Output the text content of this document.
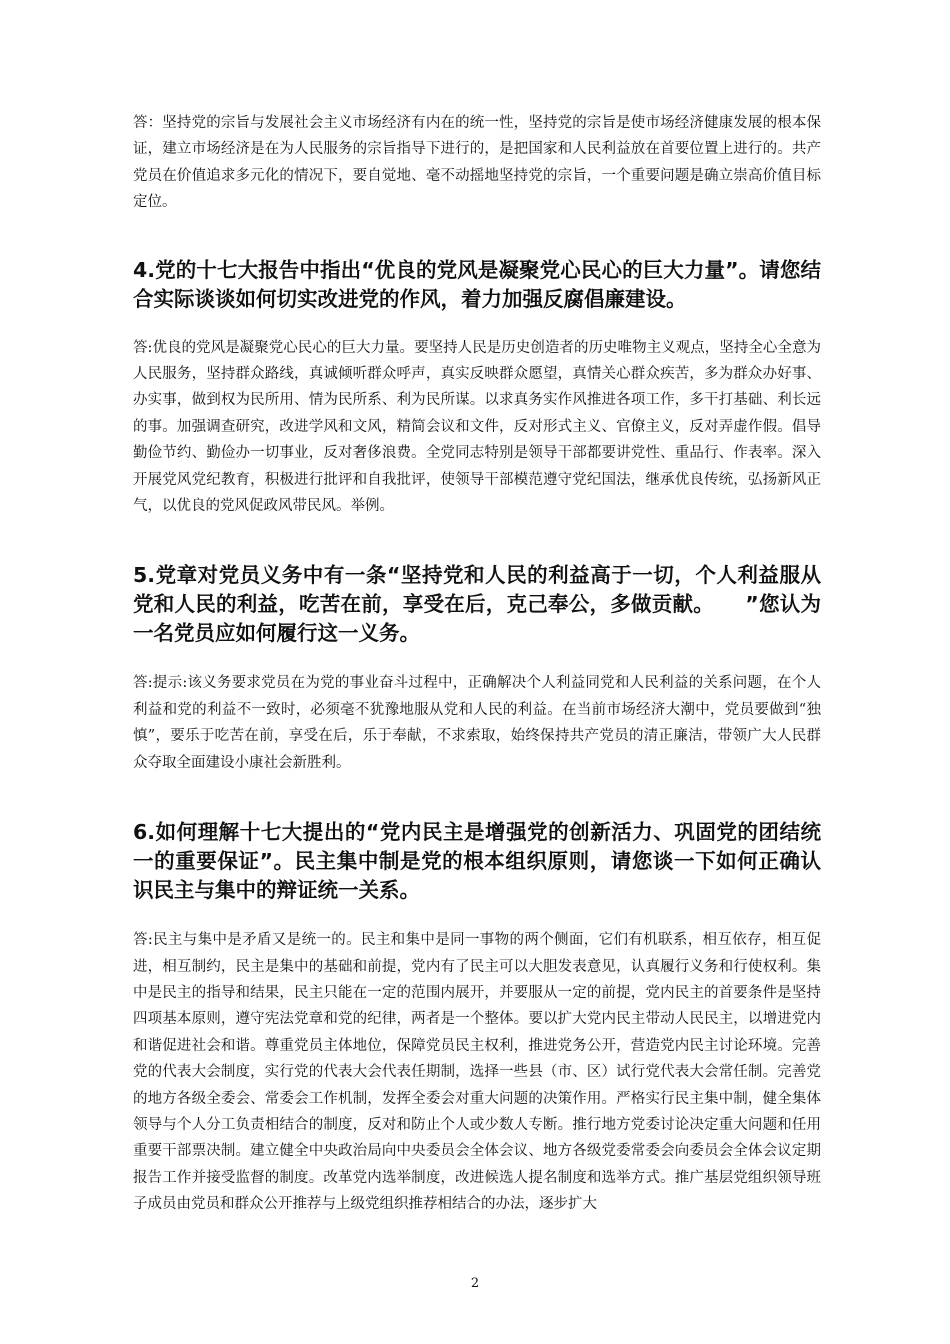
答：坚持党的宗旨与发展社会主义市场经济有内在的统一性，坚持党的宗旨是使市场经济健康发展的根本保证，建立市场经济是在为人民服务的宗旨指导下进行的，是把国家和人民利益放在首要位置上进行的。共产党员在价值追求多元化的情况下，要自觉地、毫不动摇地坚持党的宗旨，一个重要问题是确立崇高价值目标定位。

4.党的十七大报告中指出“优良的党风是凝聚党心民心的巨大力量”。请您结合实际谈谈如何切实改进党的作风，着力加强反腐倡廉建设。

答:优良的党风是凝聚党心民心的巨大力量。要坚持人民是历史创造者的历史唯物主义观点，坚持全心全意为人民服务，坚持群众路线，真诚倾听群众呼声，真实反映群众愿望，真情关心群众疾苦，多为群众办好事、办实事，做到权为民所用、情为民所系、利为民所谋。以求真务实作风推进各项工作，多干打基础、利长远的事。加强调查研究，改进学风和文风，精简会议和文件，反对形式主义、官僚主义，反对弄虚作假。倡导勤俭节约、勤俭办一切事业，反对奢侈浪费。全党同志特别是领导干部都要讲党性、重品行、作表率。深入开展党风党纪教育，积极进行批评和自我批评，使领导干部模范遵守党纪国法，继承优良传统，弘扬新风正气，以优良的党风促政风带民风。举例。

5.党章对党员义务中有一条“坚持党和人民的利益高于一切，个人利益服从党和人民的利益，吃苦在前，享受在后，克己奉公，多做贡献。　　”您认为一名党员应如何履行这一义务。

答:提示:该义务要求党员在为党的事业奋斗过程中，正确解决个人利益同党和人民利益的关系问题，在个人利益和党的利益不一致时，必须毫不犹豫地服从党和人民的利益。在当前市场经济大潮中，党员要做到“独慎”，要乐于吃苦在前，享受在后，乐于奉献，不求索取，始终保持共产党员的清正廉洁，带领广大人民群众夺取全面建设小康社会新胜利。

6.如何理解十七大提出的“党内民主是增强党的创新活力、巩固党的团结统一的重要保证”。民主集中制是党的根本组织原则，请您谈一下如何正确认识民主与集中的辩证统一关系。

答:民主与集中是矛盾又是统一的。民主和集中是同一事物的两个侧面，它们有机联系，相互依存，相互促进，相互制约，民主是集中的基础和前提，党内有了民主可以大胆发表意见，认真履行义务和行使权利。集中是民主的指导和结果，民主只能在一定的范围内展开，并要服从一定的前提，党内民主的首要条件是坚持四项基本原则，遵守宪法党章和党的纪律，两者是一个整体。要以扩大党内民主带动人民民主，以增进党内和谐促进社会和谐。尊重党员主体地位，保障党员民主权利，推进党务公开，营造党内民主讨论环境。完善党的代表大会制度，实行党的代表大会代表任期制，选择一些县（市、区）试行党代表大会常任制。完善党的地方各级全委会、常委会工作机制，发挥全委会对重大问题的决策作用。严格实行民主集中制，健全集体领导与个人分工负责相结合的制度，反对和防止个人或少数人专断。推行地方党委讨论决定重大问题和任用重要干部票决制。建立健全中央政治局向中央委员会全体会议、地方各级党委常委会向委员会全体会议定期报告工作并接受监督的制度。改革党内选举制度，改进候选人提名制度和选举方式。推广基层党组织领导班子成员由党员和群众公开推荐与上级党组织推荐相结合的办法，逐步扩大

2
